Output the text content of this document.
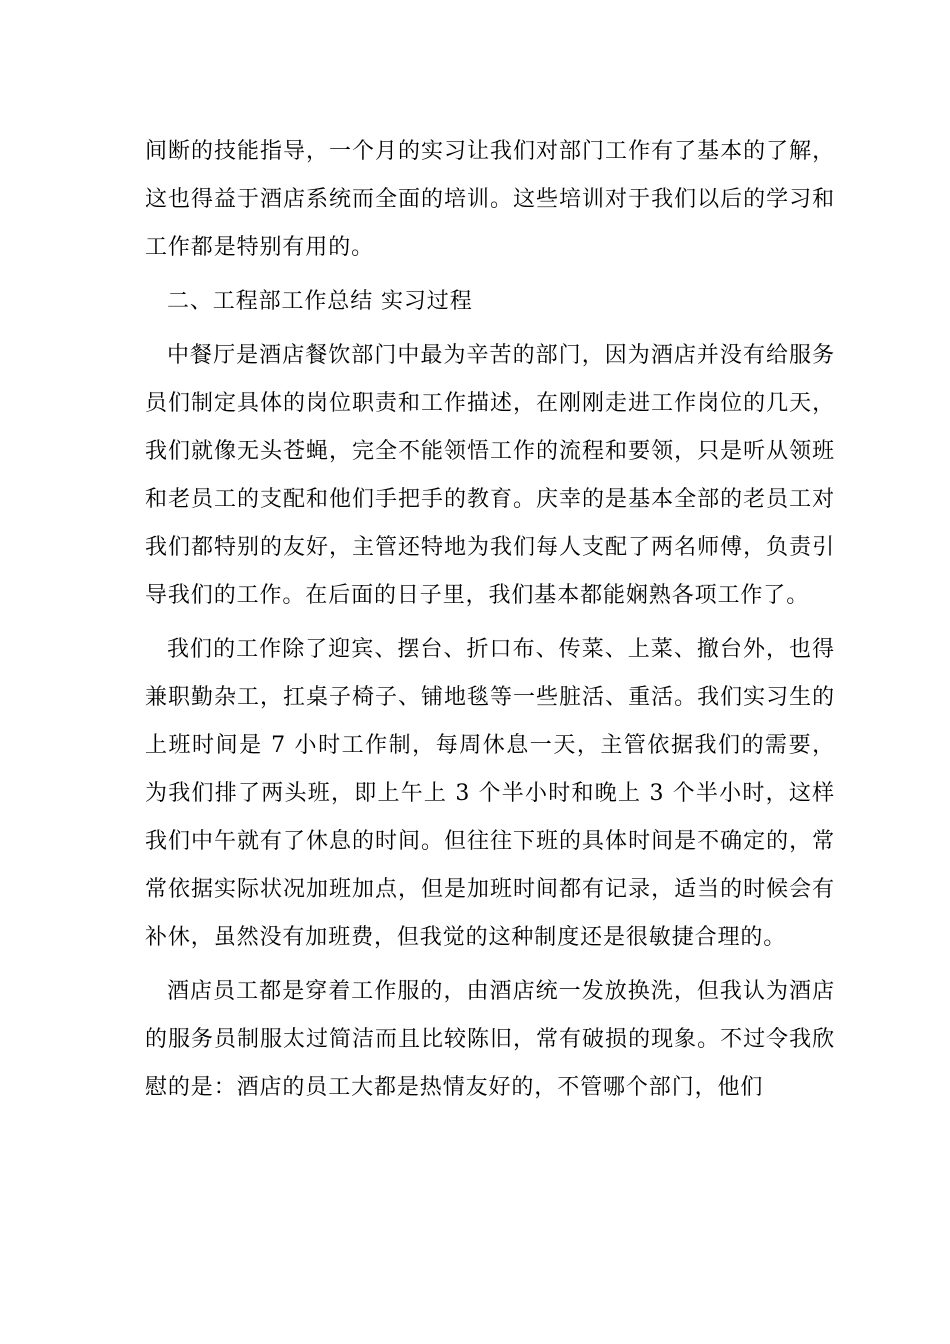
间断的技能指导，一个月的实习让我们对部门工作有了基本的了解，这也得益于酒店系统而全面的培训。这些培训对于我们以后的学习和工作都是特别有用的。

二、工程部工作总结 实习过程

中餐厅是酒店餐饮部门中最为辛苦的部门，因为酒店并没有给服务员们制定具体的岗位职责和工作描述，在刚刚走进工作岗位的几天，我们就像无头苍蝇，完全不能领悟工作的流程和要领，只是听从领班和老员工的支配和他们手把手的教育。庆幸的是基本全部的老员工对我们都特别的友好，主管还特地为我们每人支配了两名师傅，负责引导我们的工作。在后面的日子里，我们基本都能娴熟各项工作了。

我们的工作除了迎宾、摆台、折口布、传菜、上菜、撤台外，也得兼职勤杂工，扛桌子椅子、铺地毯等一些脏活、重活。我们实习生的上班时间是 7 小时工作制，每周休息一天，主管依据我们的需要，为我们排了两头班，即上午上 3 个半小时和晚上 3 个半小时，这样我们中午就有了休息的时间。但往往下班的具体时间是不确定的，常常依据实际状况加班加点，但是加班时间都有记录，适当的时候会有补休，虽然没有加班费，但我觉的这种制度还是很敏捷合理的。

酒店员工都是穿着工作服的，由酒店统一发放换洗，但我认为酒店的服务员制服太过简洁而且比较陈旧，常有破损的现象。不过令我欣慰的是：酒店的员工大都是热情友好的，不管哪个部门，他们
